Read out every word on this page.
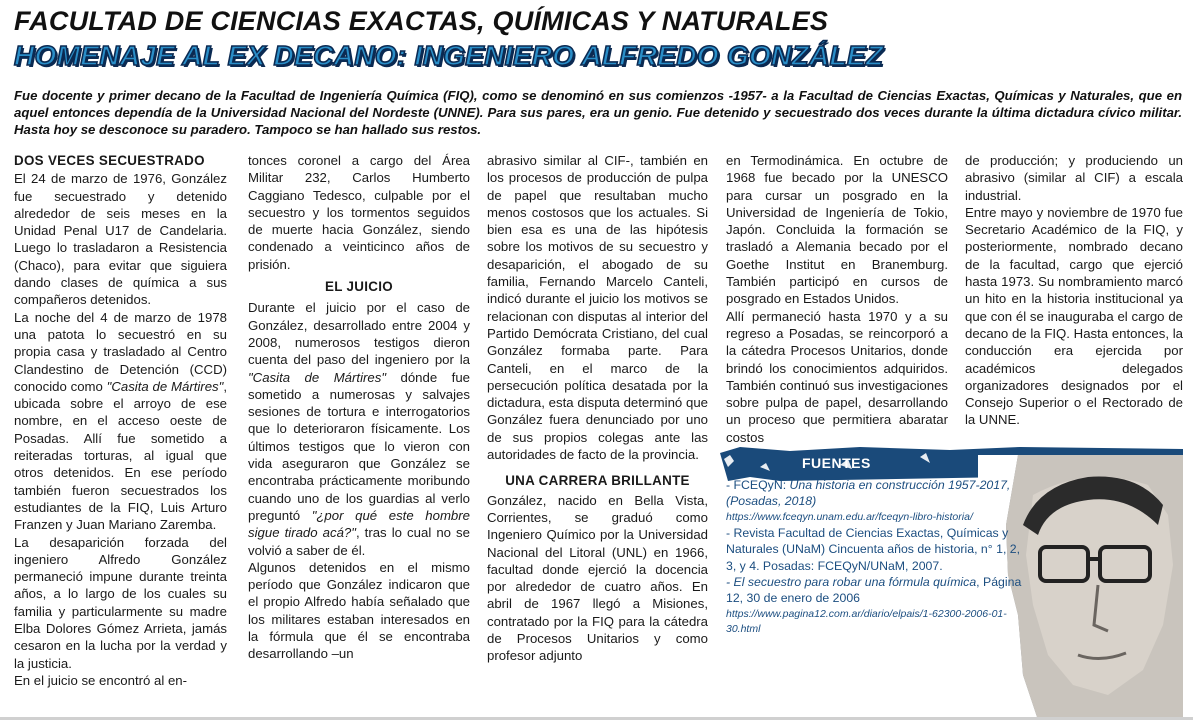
FACULTAD DE CIENCIAS EXACTAS, QUÍMICAS Y NATURALES
HOMENAJE AL EX DECANO: INGENIERO ALFREDO GONZÁLEZ
Fue docente y primer decano de la Facultad de Ingeniería Química (FIQ), como se denominó en sus comienzos -1957- a la Facultad de Ciencias Exactas, Químicas y Naturales, que en aquel entonces dependía de la Universidad Nacional del Nordeste (UNNE). Para sus pares, era un genio. Fue detenido y secuestrado dos veces durante la última dictadura cívico militar. Hasta hoy se desconoce su paradero. Tampoco se han hallado sus restos.
DOS VECES SECUESTRADO

El 24 de marzo de 1976, González fue secuestrado y detenido alrededor de seis meses en la Unidad Penal U17 de Candelaria. Luego lo trasladaron a Resistencia (Chaco), para evitar que siguiera dando clases de química a sus compañeros detenidos.

La noche del 4 de marzo de 1978 una patota lo secuestró en su propia casa y trasladado al Centro Clandestino de Detención (CCD) conocido como "Casita de Mártires", ubicada sobre el arroyo de ese nombre, en el acceso oeste de Posadas. Allí fue sometido a reiteradas torturas, al igual que otros detenidos. En ese período también fueron secuestrados los estudiantes de la FIQ, Luis Arturo Franzen y Juan Mariano Zaremba.

La desaparición forzada del ingeniero Alfredo González permaneció impune durante treinta años, a lo largo de los cuales su familia y particularmente su madre Elba Dolores Gómez Arrieta, jamás cesaron en la lucha por la verdad y la justicia.

En el juicio se encontró al en-

tonces coronel a cargo del Área Militar 232, Carlos Humberto Caggiano Tedesco, culpable por el secuestro y los tormentos seguidos de muerte hacia González, siendo condenado a veinticinco años de prisión.

EL JUICIO

Durante el juicio por el caso de González, desarrollado entre 2004 y 2008, numerosos testigos dieron cuenta del paso del ingeniero por la "Casita de Mártires" dónde fue sometido a numerosas y salvajes sesiones de tortura e interrogatorios que lo deterioraron físicamente. Los últimos testigos que lo vieron con vida aseguraron que González se encontraba prácticamente moribundo cuando uno de los guardias al verlo preguntó "¿por qué este hombre sigue tirado acá?", tras lo cual no se volvió a saber de él.

Algunos detenidos en el mismo período que González indicaron que el propio Alfredo había señalado que los militares estaban interesados en la fórmula que él se encontraba desarrollando –un

abrasivo similar al CIF-, también en los procesos de producción de pulpa de papel que resultaban mucho menos costosos que los actuales. Si bien esa es una de las hipótesis sobre los motivos de su secuestro y desaparición, el abogado de su familia, Fernando Marcelo Canteli, indicó durante el juicio los motivos se relacionan con disputas al interior del Partido Demócrata Cristiano, del cual González formaba parte. Para Canteli, en el marco de la persecución política desatada por la dictadura, esta disputa determinó que González fuera denunciado por uno de sus propios colegas ante las autoridades de facto de la provincia.

UNA CARRERA BRILLANTE

González, nacido en Bella Vista, Corrientes, se graduó como Ingeniero Químico por la Universidad Nacional del Litoral (UNL) en 1966, facultad donde ejerció la docencia por alrededor de cuatro años. En abril de 1967 llegó a Misiones, contratado por la FIQ para la cátedra de Procesos Unitarios y como profesor adjunto

en Termodinámica. En octubre de 1968 fue becado por la UNESCO para cursar un posgrado en la Universidad de Ingeniería de Tokio, Japón. Concluida la formación se trasladó a Alemania becado por el Goethe Institut en Branemburg. También participó en cursos de posgrado en Estados Unidos.

Allí permaneció hasta 1970 y a su regreso a Posadas, se reincorporó a la cátedra Procesos Unitarios, donde brindó los conocimientos adquiridos. También continuó sus investigaciones sobre pulpa de papel, desarrollando un proceso que permitiera abaratar costos

de producción; y produciendo un abrasivo (similar al CIF) a escala industrial.

Entre mayo y noviembre de 1970 fue Secretario Académico de la FIQ, y posteriormente, nombrado decano de la facultad, cargo que ejerció hasta 1973. Su nombramiento marcó un hito en la historia institucional ya que con él se inauguraba el cargo de decano de la FIQ. Hasta entonces, la conducción era ejercida por académicos delegados organizadores designados por el Consejo Superior o el Rectorado de la UNNE.

FUENTES
- FCEQyN: Una historia en construcción 1957-2017, (Posadas, 2018)
https://www.fceqyn.unam.edu.ar/fceqyn-libro-historia/
- Revista Facultad de Ciencias Exactas, Químicas y Naturales (UNaM) Cincuenta años de historia, n° 1, 2, 3, y 4. Posadas: FCEQyN/UNaM, 2007.
- El secuestro para robar una fórmula química, Página 12, 30 de enero de 2006
https://www.pagina12.com.ar/diario/elpais/1-62300-2006-01-30.html
